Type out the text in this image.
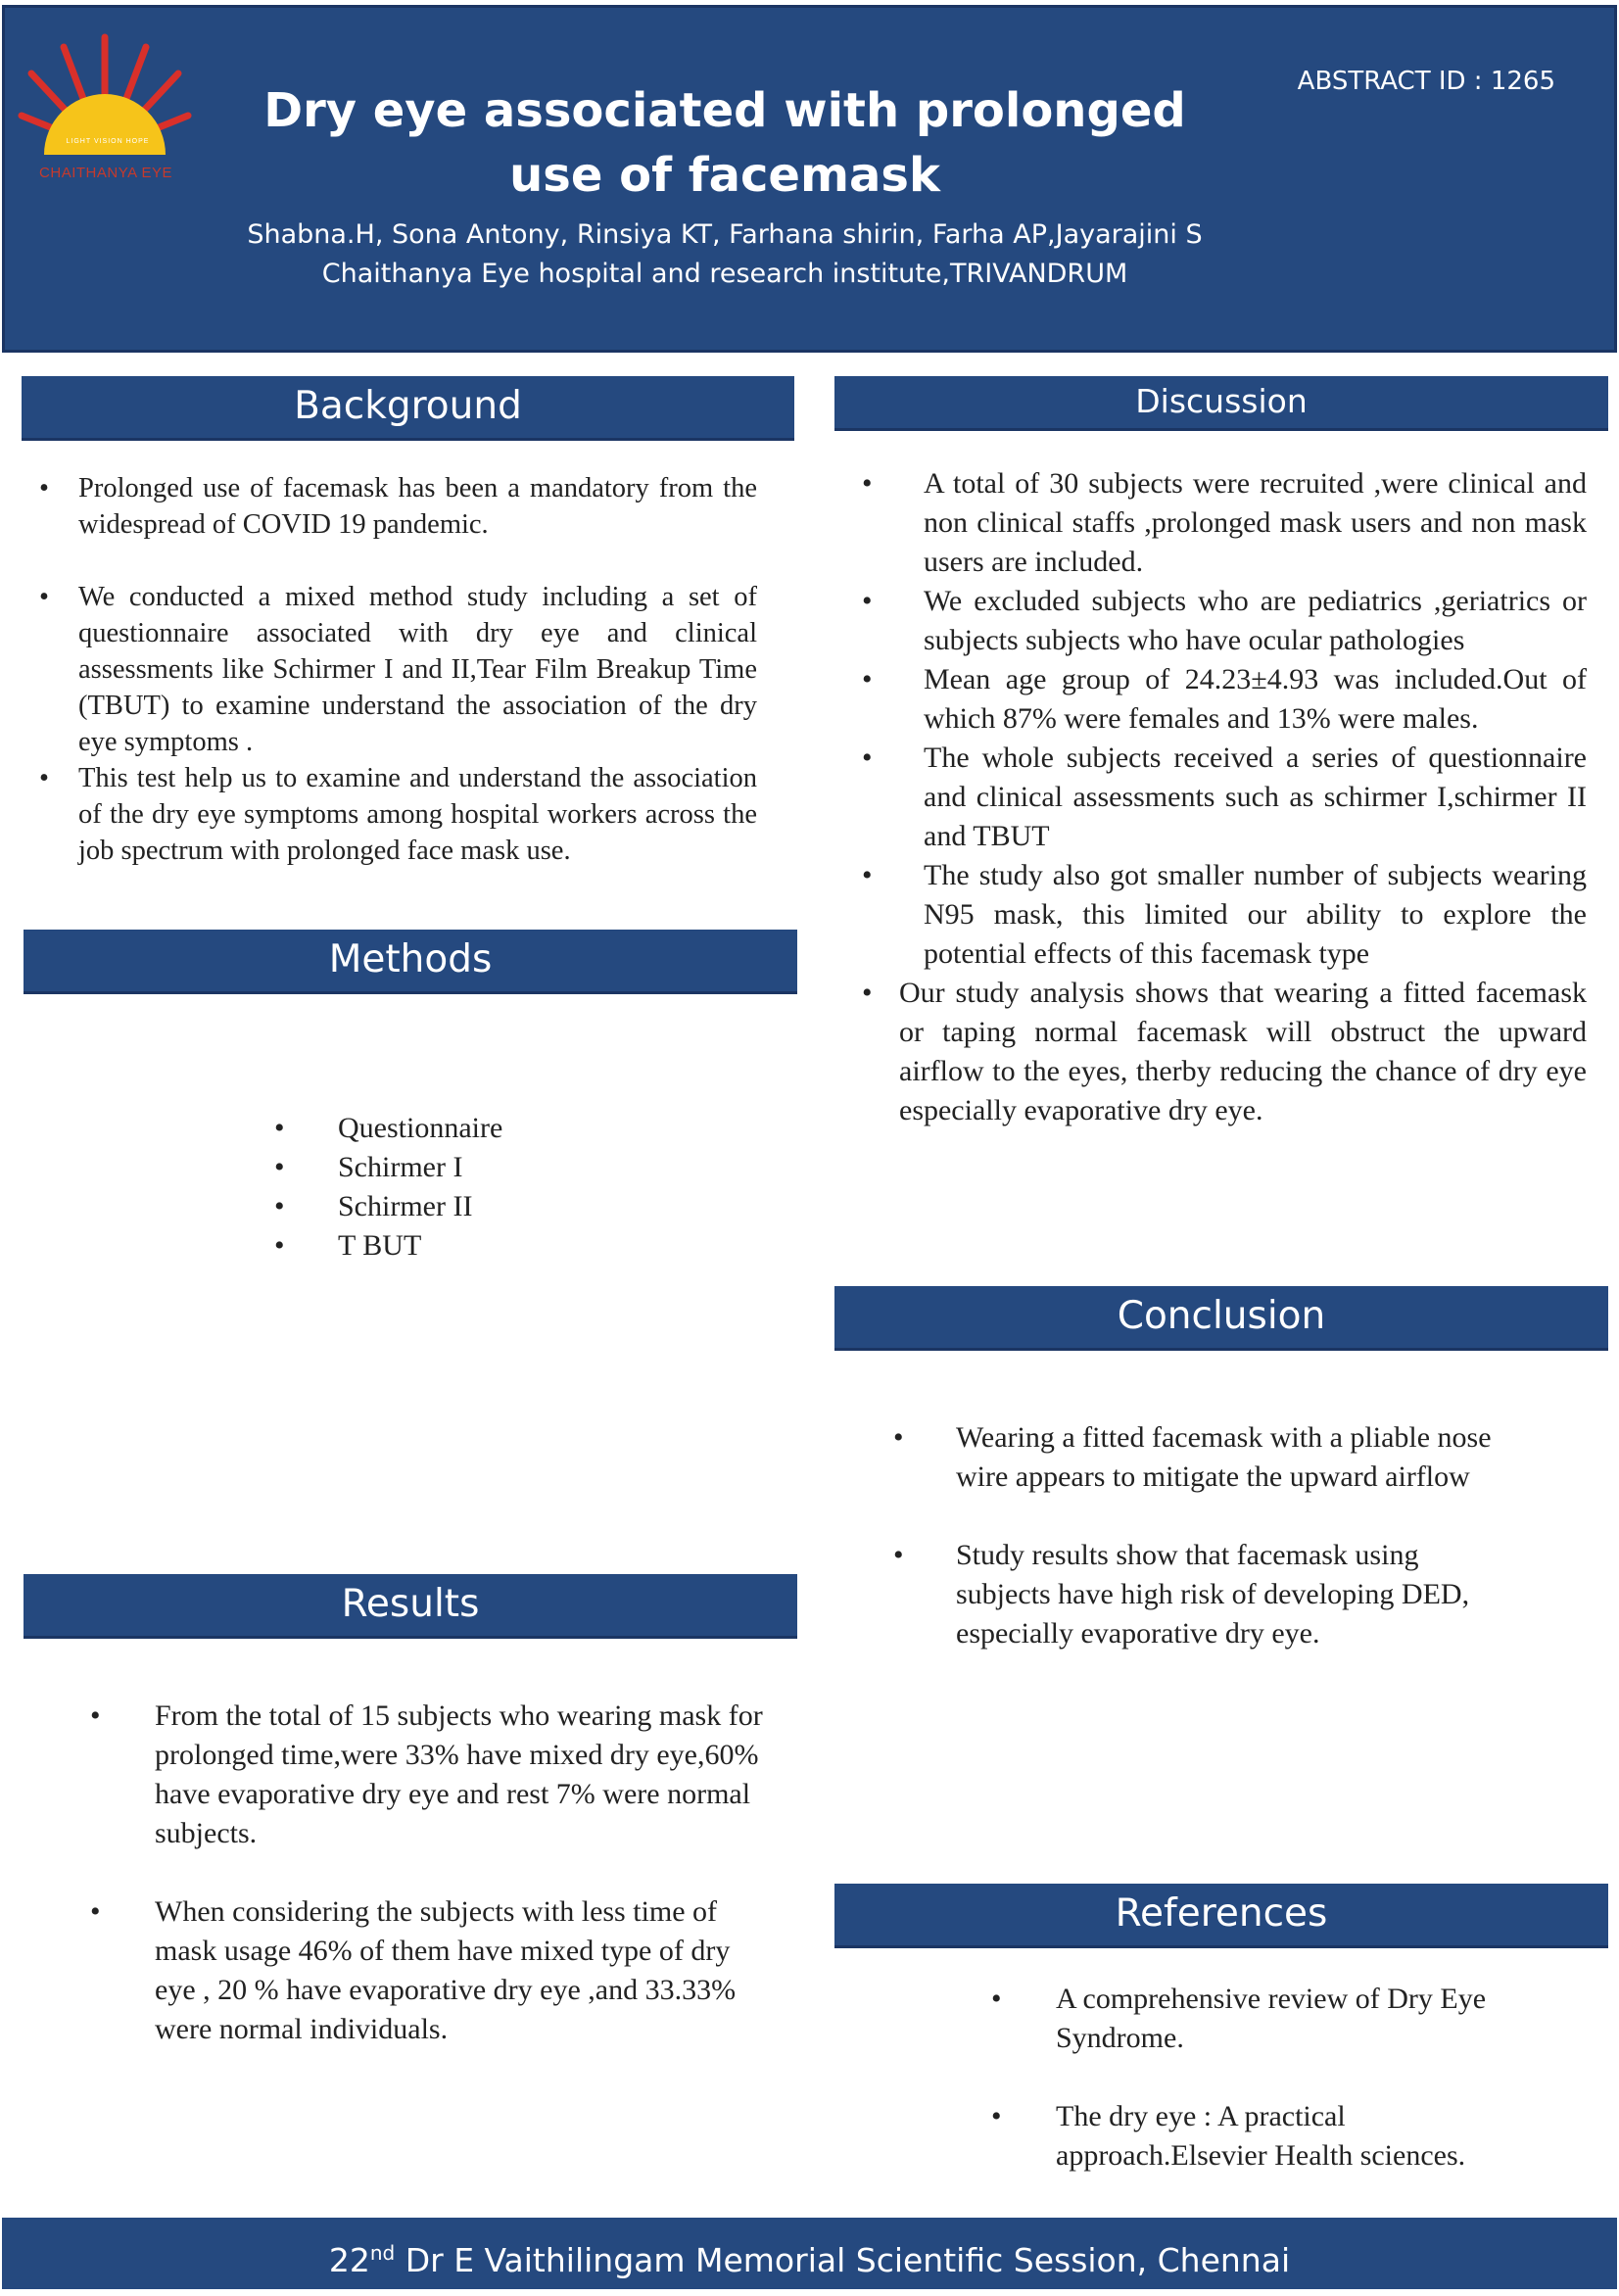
LIGHT VISION HOPE
CHAITHANYA EYE
Dry eye associated with prolonged use of facemask
Shabna.H, Sona Antony, Rinsiya KT, Farhana shirin, Farha AP,Jayarajini S
Chaithanya Eye hospital and research institute,TRIVANDRUM
ABSTRACT ID : 1265
Background
• Prolonged use of facemask has been a mandatory from the widespread of COVID 19 pandemic.
• We conducted a mixed method study including a set of questionnaire associated with dry eye and clinical assessments like Schirmer I and II,Tear Film Breakup Time (TBUT) to examine understand the association of the dry eye symptoms .
• This test help us to examine and understand the association of the dry eye symptoms among hospital workers across the job spectrum with prolonged face mask use.
Methods
• Questionnaire
• Schirmer I
• Schirmer II
• T BUT
Results
• From the total of 15 subjects who wearing mask for prolonged time,were 33% have mixed dry eye,60% have evaporative dry eye and rest 7% were normal subjects.
• When considering the subjects with less time of mask usage 46% of them have mixed type of dry eye , 20 % have evaporative dry eye ,and 33.33% were normal individuals.
Discussion
• A total of 30 subjects were recruited ,were clinical and non clinical staffs ,prolonged mask users and non mask users are included.
• We excluded subjects who are pediatrics ,geriatrics or subjects subjects who have ocular pathologies
• Mean age group of 24.23±4.93 was included.Out of which 87% were females and 13% were males.
• The whole subjects received a series of questionnaire and clinical assessments such as schirmer I,schirmer II and TBUT
• The study also got smaller number of subjects wearing N95 mask, this limited our ability to explore the potential effects of this facemask type
• Our study analysis shows that wearing a fitted facemask or taping normal facemask will obstruct the upward airflow to the eyes, therby reducing the chance of dry eye especially evaporative dry eye.
Conclusion
• Wearing a fitted facemask with a pliable nose wire appears to mitigate the upward airflow
• Study results show that facemask using subjects have high risk of developing DED, especially evaporative dry eye.
References
• A comprehensive review of Dry Eye Syndrome.
• The dry eye : A practical approach.Elsevier Health sciences.
22nd Dr E Vaithilingam Memorial Scientific Session, Chennai
